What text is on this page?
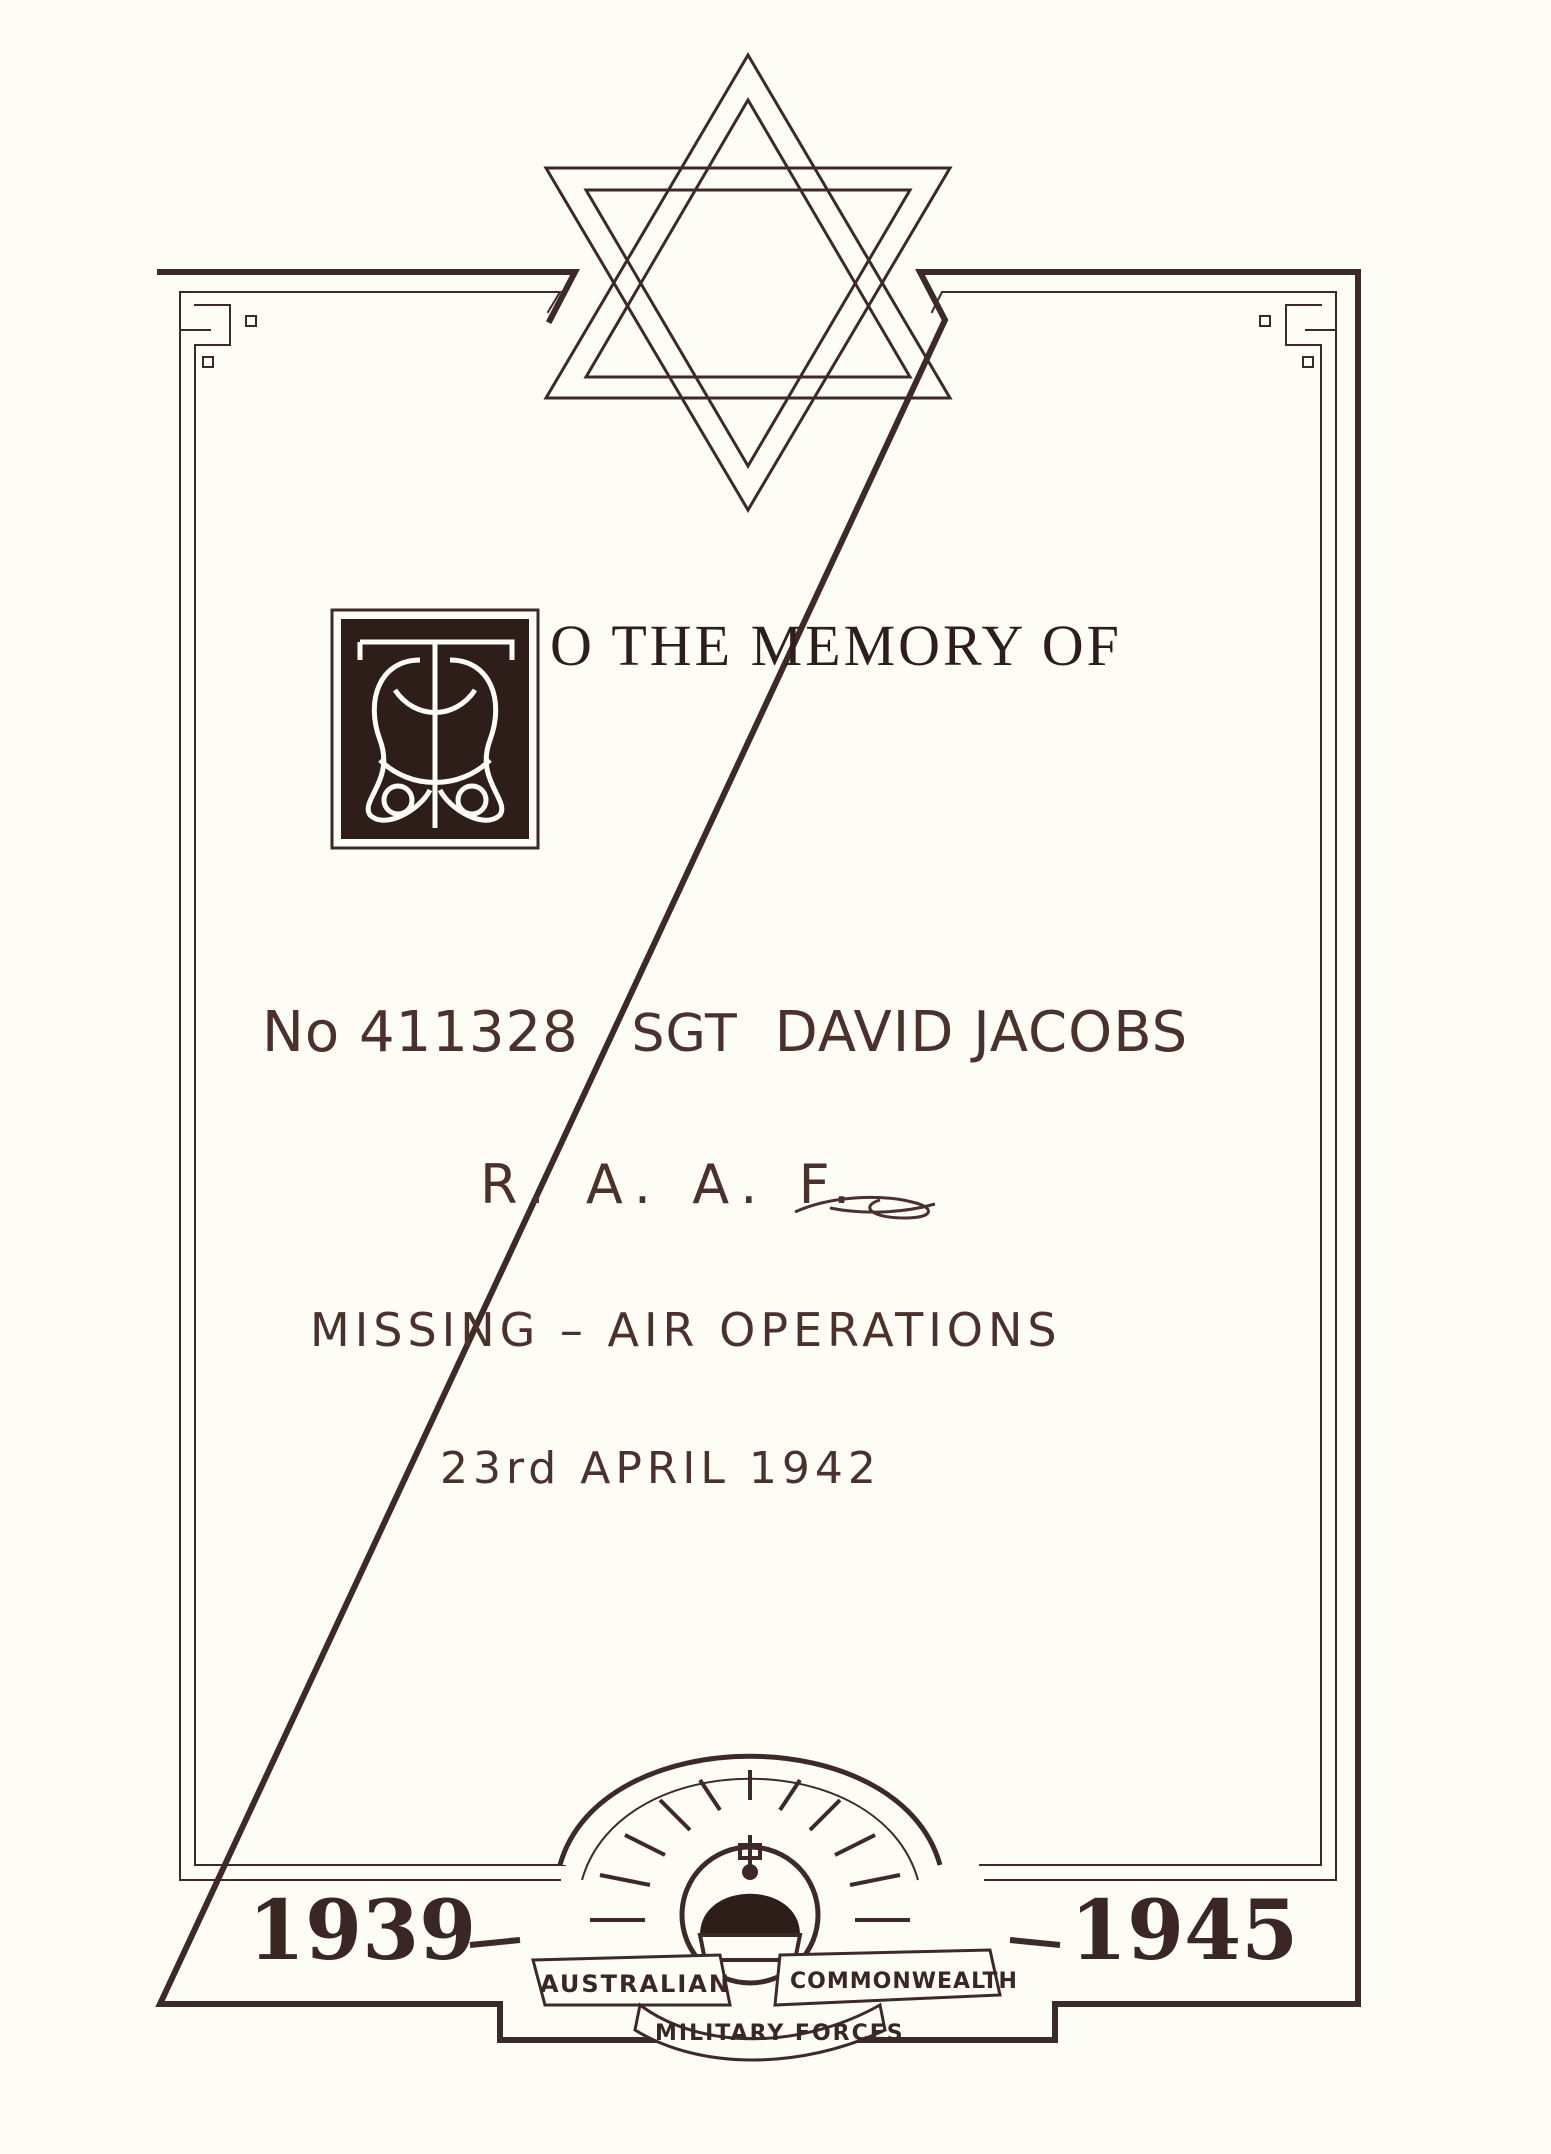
AUSTRALIAN	COMMONWEALTH
MILITARY FORCES
O THE MEMORY OF
No 411328 SGT DAVID JACOBS
R. A. A. F.
MISSING – AIR OPERATIONS
23rd APRIL 1942
1939	1945
